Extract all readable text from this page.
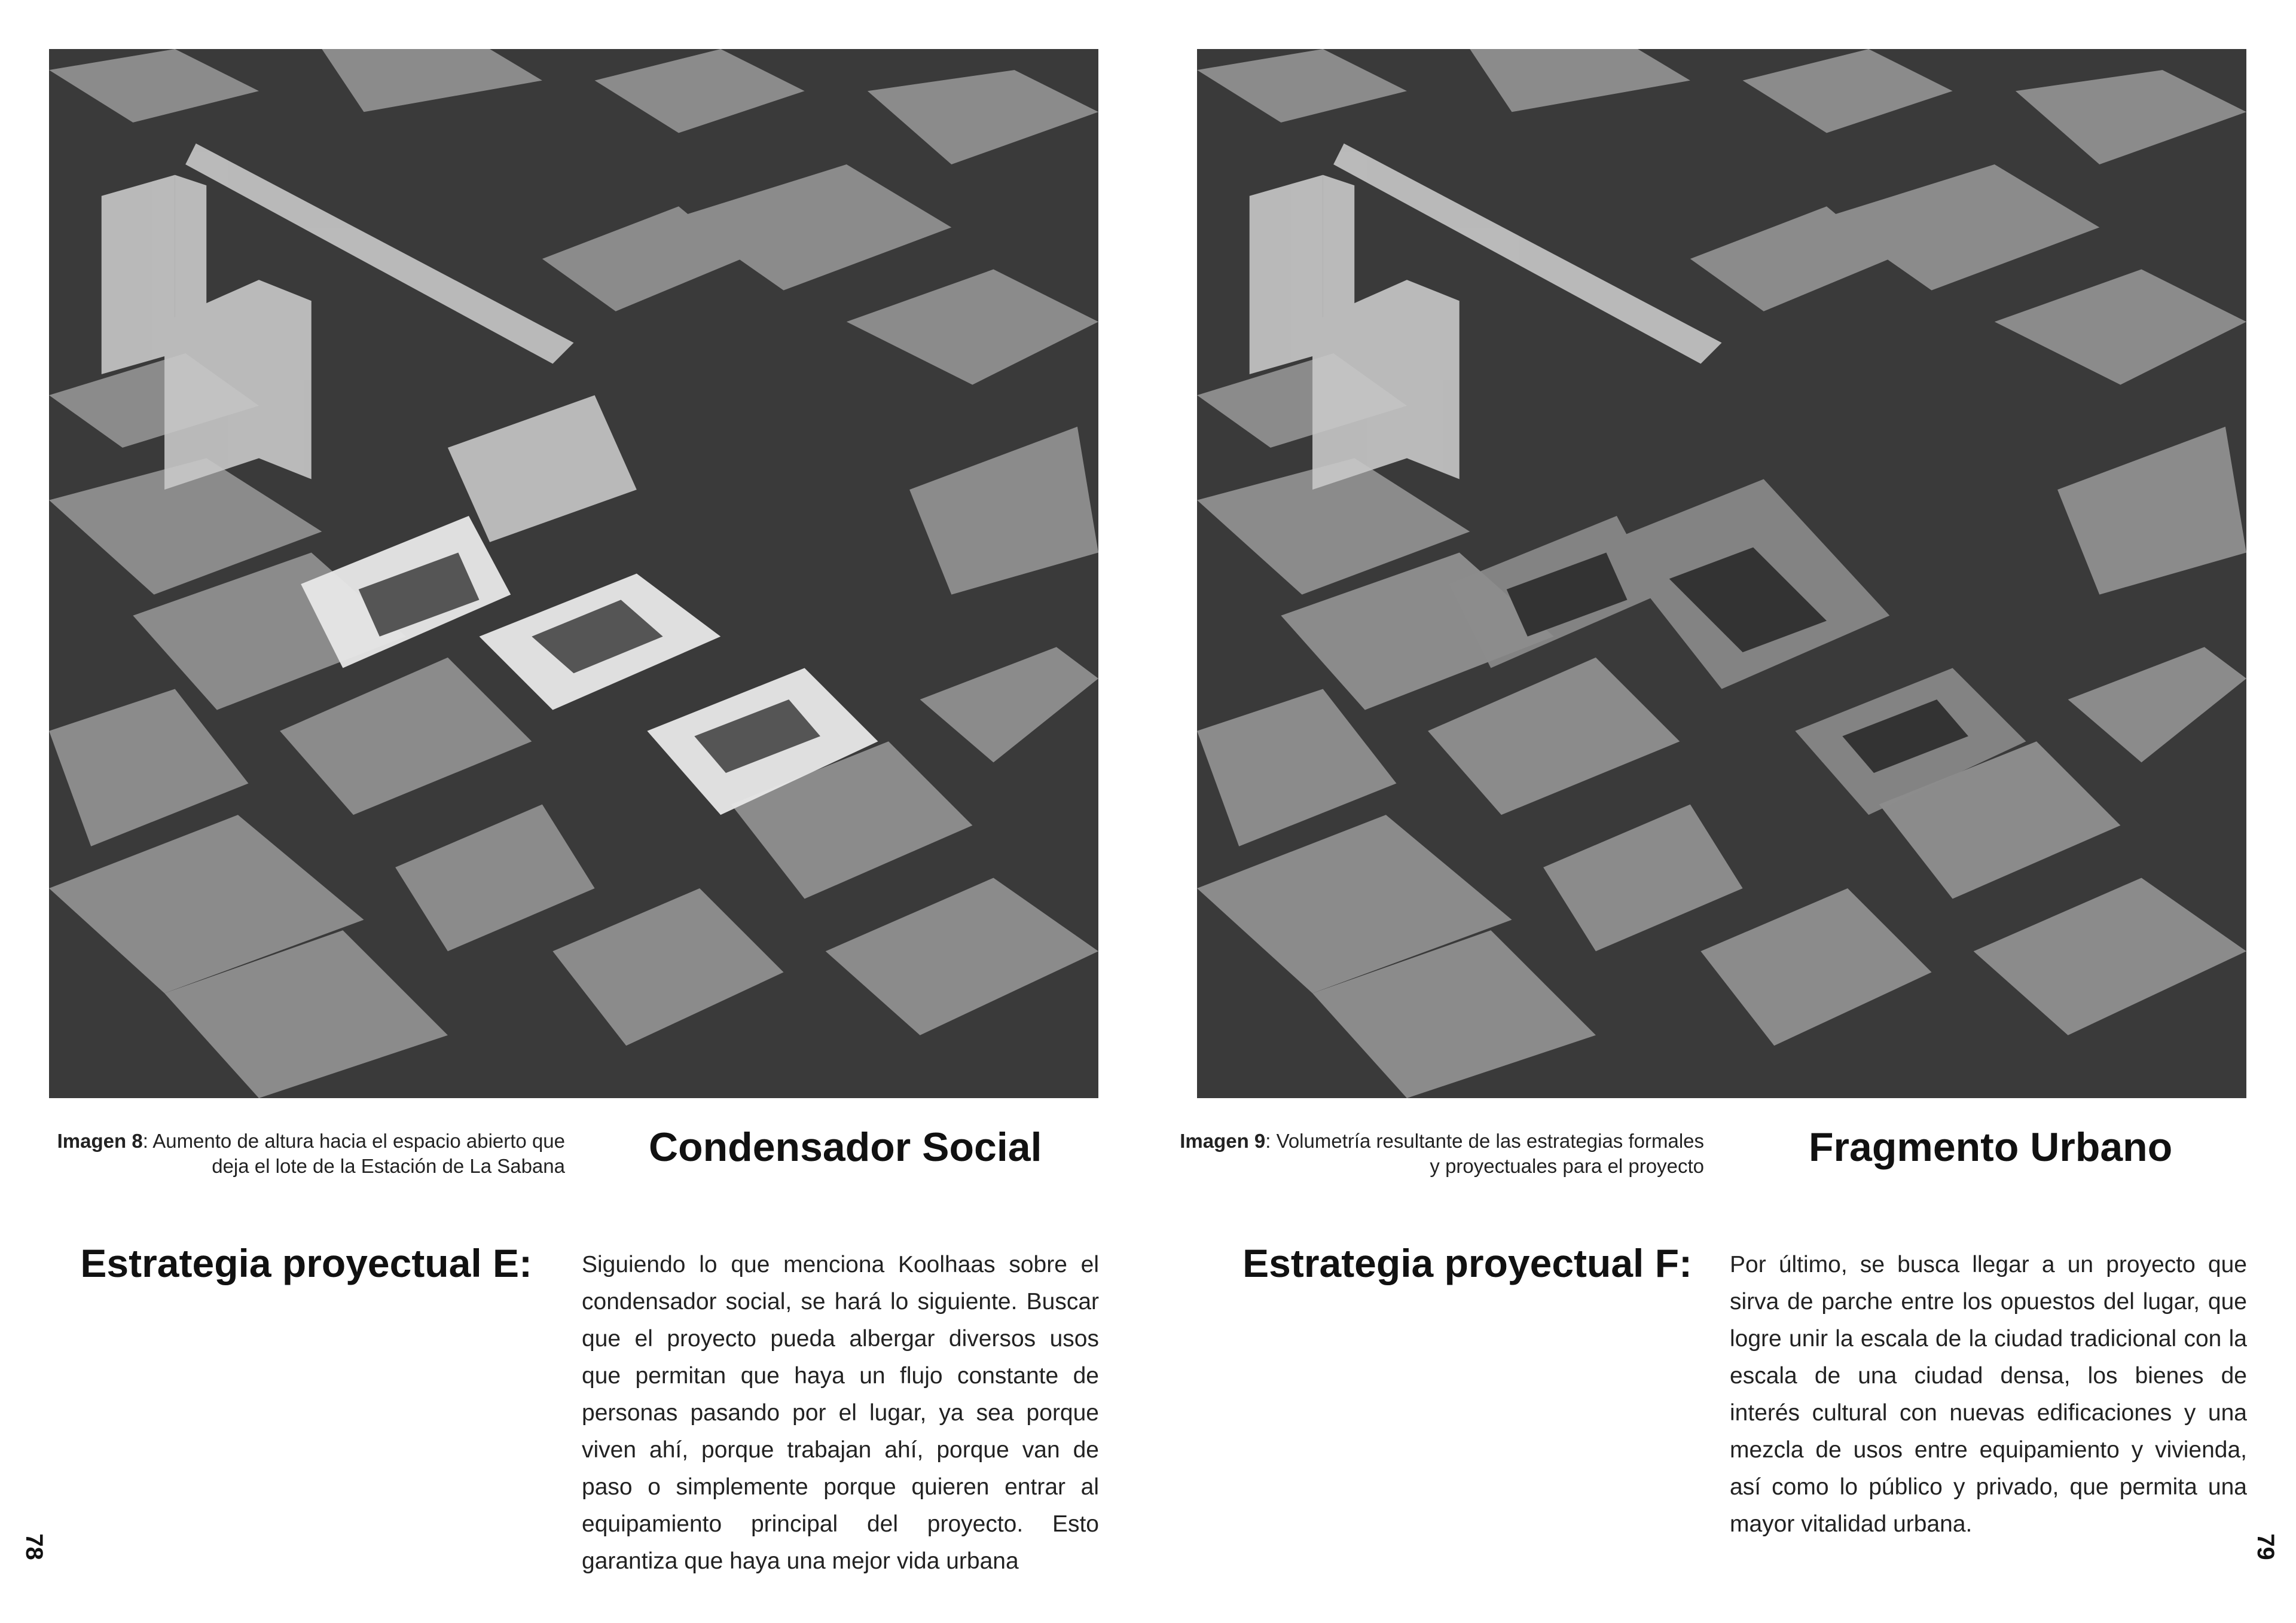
Imagen 8: Aumento de altura hacia el espacio abierto que deja el lote de la Estación de La Sabana Condensador Social
Estrategia proyectual E: Siguiendo lo que menciona Koolhaas sobre el condensador social, se hará lo siguiente. Buscar que el proyecto pueda albergar diversos usos que permitan que haya un flujo constante de personas pasando por el lugar, ya sea porque viven ahí, porque trabajan ahí, porque van de paso o simplemente porque quieren entrar al equipamiento principal del proyecto. Esto garantiza que haya una mejor vida urbana
78
Imagen 9: Volumetría resultante de las estrategias formales y proyectuales para el proyecto	Fragmento Urbano
Estrategia proyectual F: Por último, se busca llegar a un proyecto que sirva de parche entre los opuestos del lugar, que logre unir la escala de la ciudad tradicional con la escala de una ciudad densa, los bienes de interés cultural con nuevas edificaciones y una mezcla de usos entre equipamiento y vivienda, así como lo público y privado, que permita una mayor vitalidad urbana.
79
